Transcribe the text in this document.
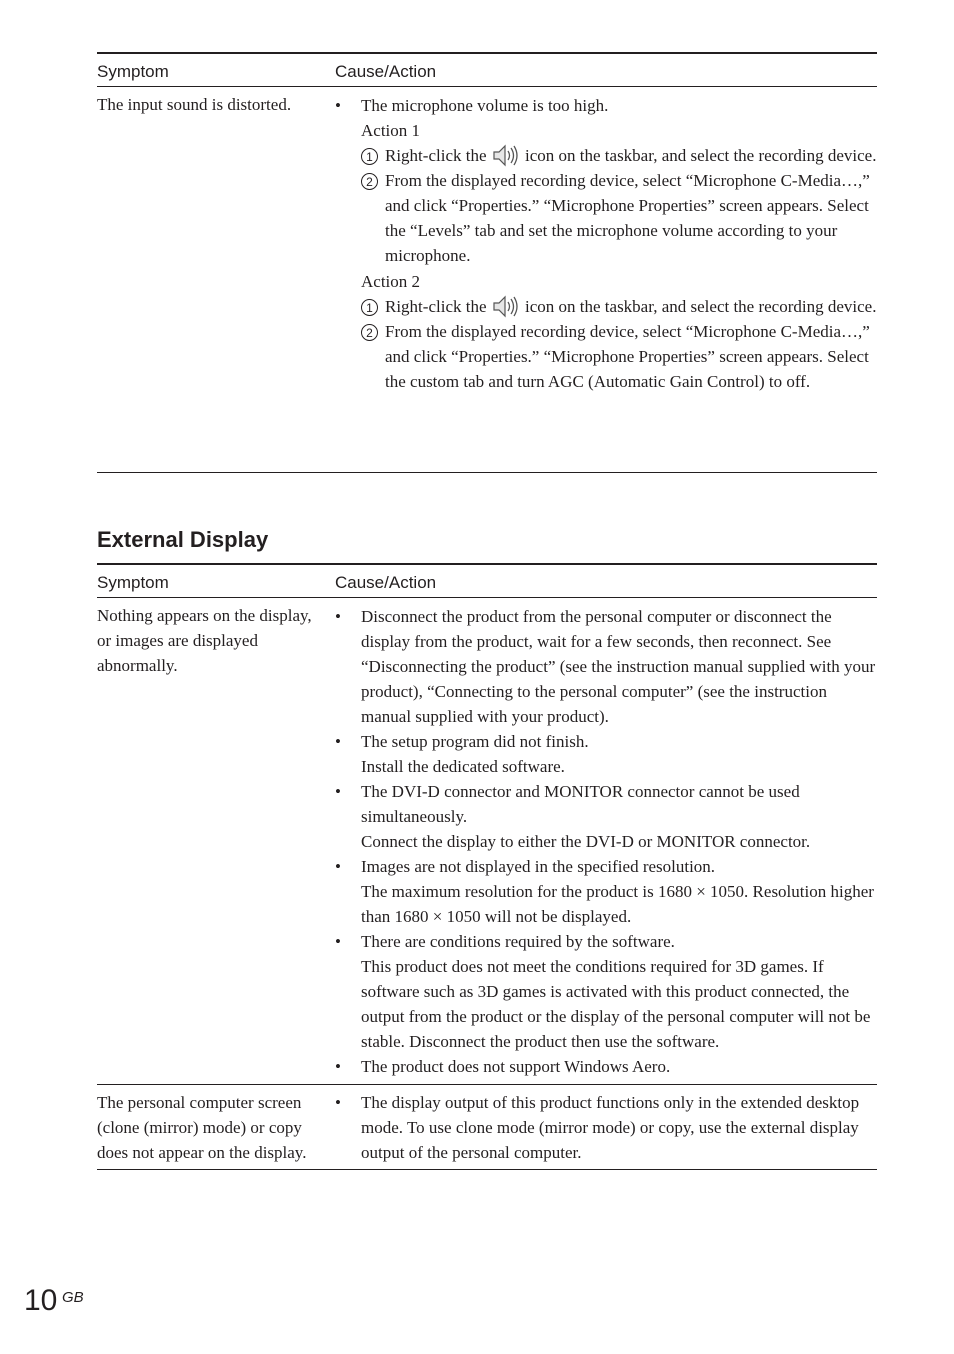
Symptom	Cause/Action
The input sound is distorted.	•	The microphone volume is too high.
Action 1
1 Right-click the icon on the taskbar, and select the recording device.
2 From the displayed recording device, select “Microphone C-Media…,” and click “Properties.” “Microphone Properties” screen appears. Select the “Levels” tab and set the microphone volume according to your microphone.
Action 2
1 Right-click the icon on the taskbar, and select the recording device.
2 From the displayed recording device, select “Microphone C-Media…,” and click “Properties.” “Microphone Properties” screen appears. Select the custom tab and turn AGC (Automatic Gain Control) to off.
External Display
Symptom	Cause/Action
Nothing appears on the display, or images are displayed abnormally.
•	Disconnect the product from the personal computer or disconnect the display from the product, wait for a few seconds, then reconnect. See “Disconnecting the product” (see the instruction manual supplied with your product), “Connecting to the personal computer” (see the instruction manual supplied with your product).
•	The setup program did not finish.
Install the dedicated software.
•	The DVI-D connector and MONITOR connector cannot be used simultaneously.
Connect the display to either the DVI-D or MONITOR connector.
•	Images are not displayed in the specified resolution.
The maximum resolution for the product is 1680 × 1050. Resolution higher than 1680 × 1050 will not be displayed.
•	There are conditions required by the software.
This product does not meet the conditions required for 3D games. If software such as 3D games is activated with this product connected, the output from the product or the display of the personal computer will not be stable. Disconnect the product then use the software.
•	The product does not support Windows Aero.
The personal computer screen (clone (mirror) mode) or copy does not appear on the display.
•	The display output of this product functions only in the extended desktop mode. To use clone mode (mirror mode) or copy, use the external display output of the personal computer.
10 GB
